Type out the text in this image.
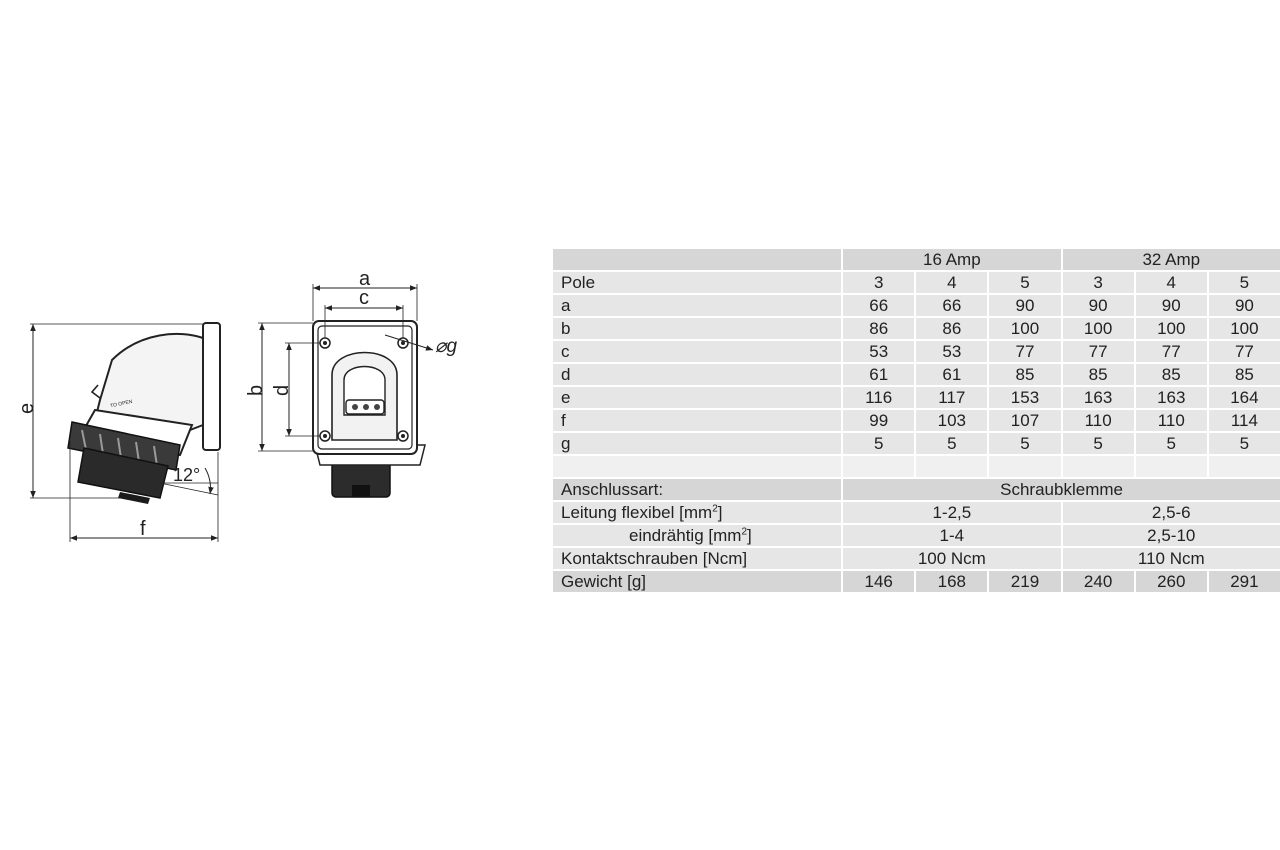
TO OPEN
e
f
12°
a
c
b d
⌀g
	16 Amp			32 Amp		
Pole	3	4	5	3	4	5
a	66	66	90	90	90	90
b	86	86	100	100	100	100
c	53	53	77	77	77	77
d	61	61	85	85	85	85
e	116	117	153	163	163	164
f	99	103	107	110	110	114
g	5	5	5	5	5	5

Anschlussart:	Schraubklemme					
Leitung flexibel $[mm^2]$	1-2,5			2,5-6		
eindrähtig $[mm^2]$	1-4			2,5-10		
Kontaktschrauben [Ncm]	100 Ncm			110 Ncm		
Gewicht [g]	146	168	219	240	260	291
